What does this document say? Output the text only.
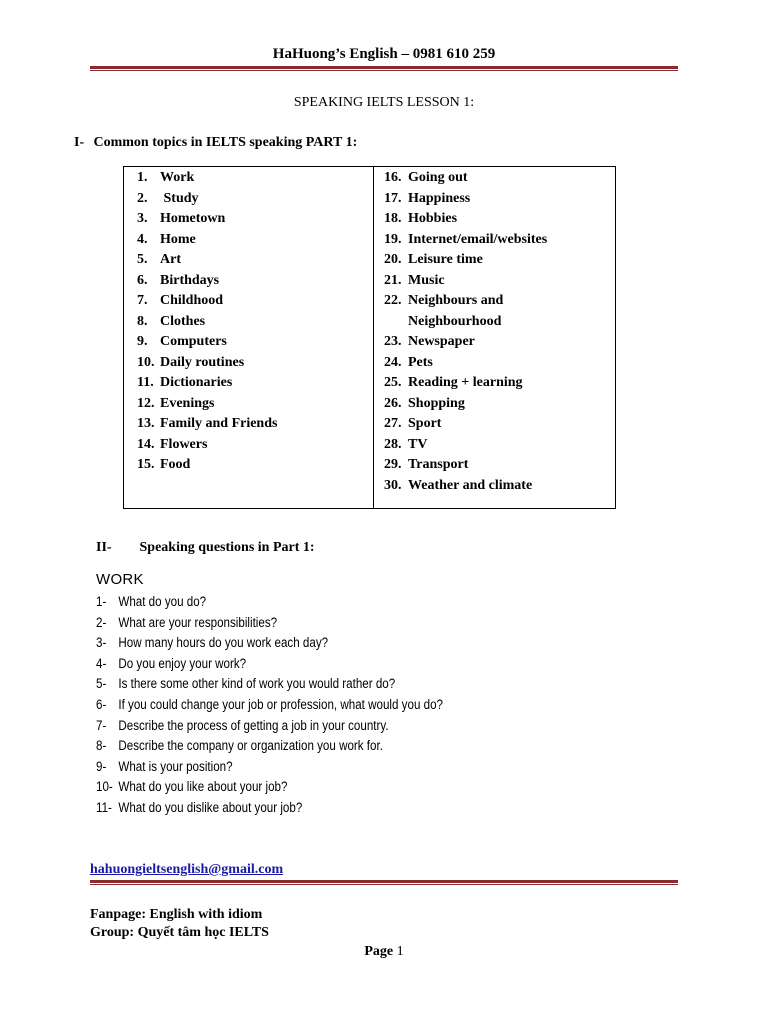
HaHuong’s English – 0981 610 259
SPEAKING IELTS LESSON 1:
I- Common topics in IELTS speaking PART 1:
1. Work
2. Study
3. Hometown
4. Home
5. Art
6. Birthdays
7. Childhood
8. Clothes
9. Computers
10. Daily routines
11. Dictionaries
12. Evenings
13. Family and Friends
14. Flowers
15. Food
16. Going out
17. Happiness
18. Hobbies
19. Internet/email/websites
20. Leisure time
21. Music
22. Neighbours and
Neighbourhood
23. Newspaper
24. Pets
25. Reading + learning
26. Shopping
27. Sport
28. TV
29. Transport
30. Weather and climate
II- Speaking questions in Part 1:
WORK
1- What do you do?
2- What are your responsibilities?
3- How many hours do you work each day?
4- Do you enjoy your work?
5- Is there some other kind of work you would rather do?
6- If you could change your job or profession, what would you do?
7- Describe the process of getting a job in your country.
8- Describe the company or organization you work for.
9- What is your position?
10- What do you like about your job?
11- What do you dislike about your job?
hahuongieltsenglish@gmail.com
Fanpage: English with idiom
Group: Quyết tâm học IELTS
Page 1
